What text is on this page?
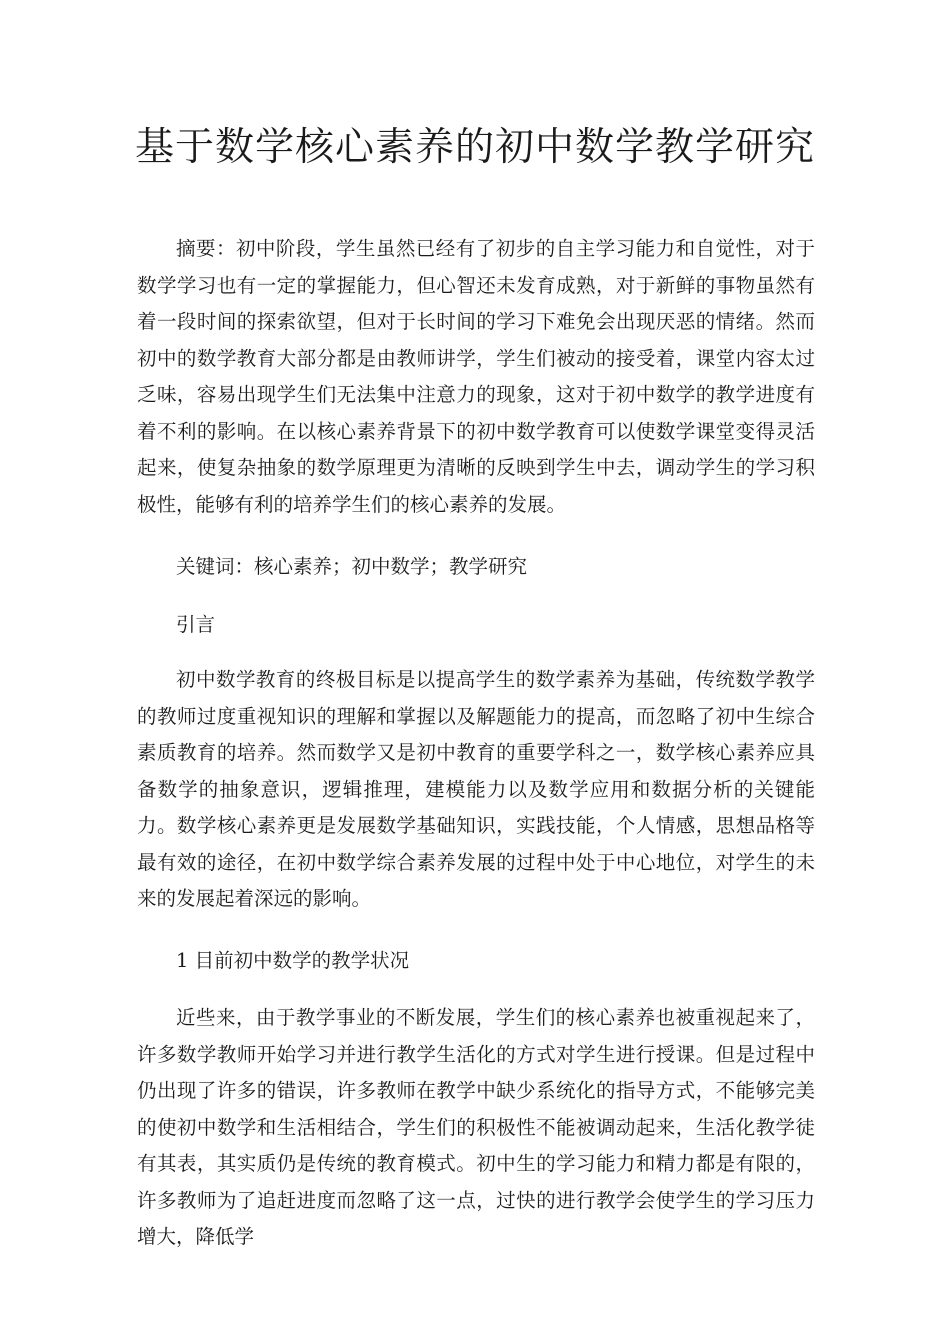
基于数学核心素养的初中数学教学研究

摘要：初中阶段，学生虽然已经有了初步的自主学习能力和自觉性，对于数学学习也有一定的掌握能力，但心智还未发育成熟，对于新鲜的事物虽然有着一段时间的探索欲望，但对于长时间的学习下难免会出现厌恶的情绪。然而初中的数学教育大部分都是由教师讲学，学生们被动的接受着，课堂内容太过乏味，容易出现学生们无法集中注意力的现象，这对于初中数学的教学进度有着不利的影响。在以核心素养背景下的初中数学教育可以使数学课堂变得灵活起来，使复杂抽象的数学原理更为清晰的反映到学生中去，调动学生的学习积极性，能够有利的培养学生们的核心素养的发展。

关键词：核心素养；初中数学；教学研究

引言

初中数学教育的终极目标是以提高学生的数学素养为基础，传统数学教学的教师过度重视知识的理解和掌握以及解题能力的提高，而忽略了初中生综合素质教育的培养。然而数学又是初中教育的重要学科之一，数学核心素养应具备数学的抽象意识，逻辑推理，建模能力以及数学应用和数据分析的关键能力。数学核心素养更是发展数学基础知识，实践技能，个人情感，思想品格等最有效的途径，在初中数学综合素养发展的过程中处于中心地位，对学生的未来的发展起着深远的影响。

1 目前初中数学的教学状况

近些来，由于教学事业的不断发展，学生们的核心素养也被重视起来了，许多数学教师开始学习并进行教学生活化的方式对学生进行授课。但是过程中仍出现了许多的错误，许多教师在教学中缺少系统化的指导方式，不能够完美的使初中数学和生活相结合，学生们的积极性不能被调动起来，生活化教学徒有其表，其实质仍是传统的教育模式。初中生的学习能力和精力都是有限的，许多教师为了追赶进度而忽略了这一点，过快的进行教学会使学生的学习压力增大，降低学
